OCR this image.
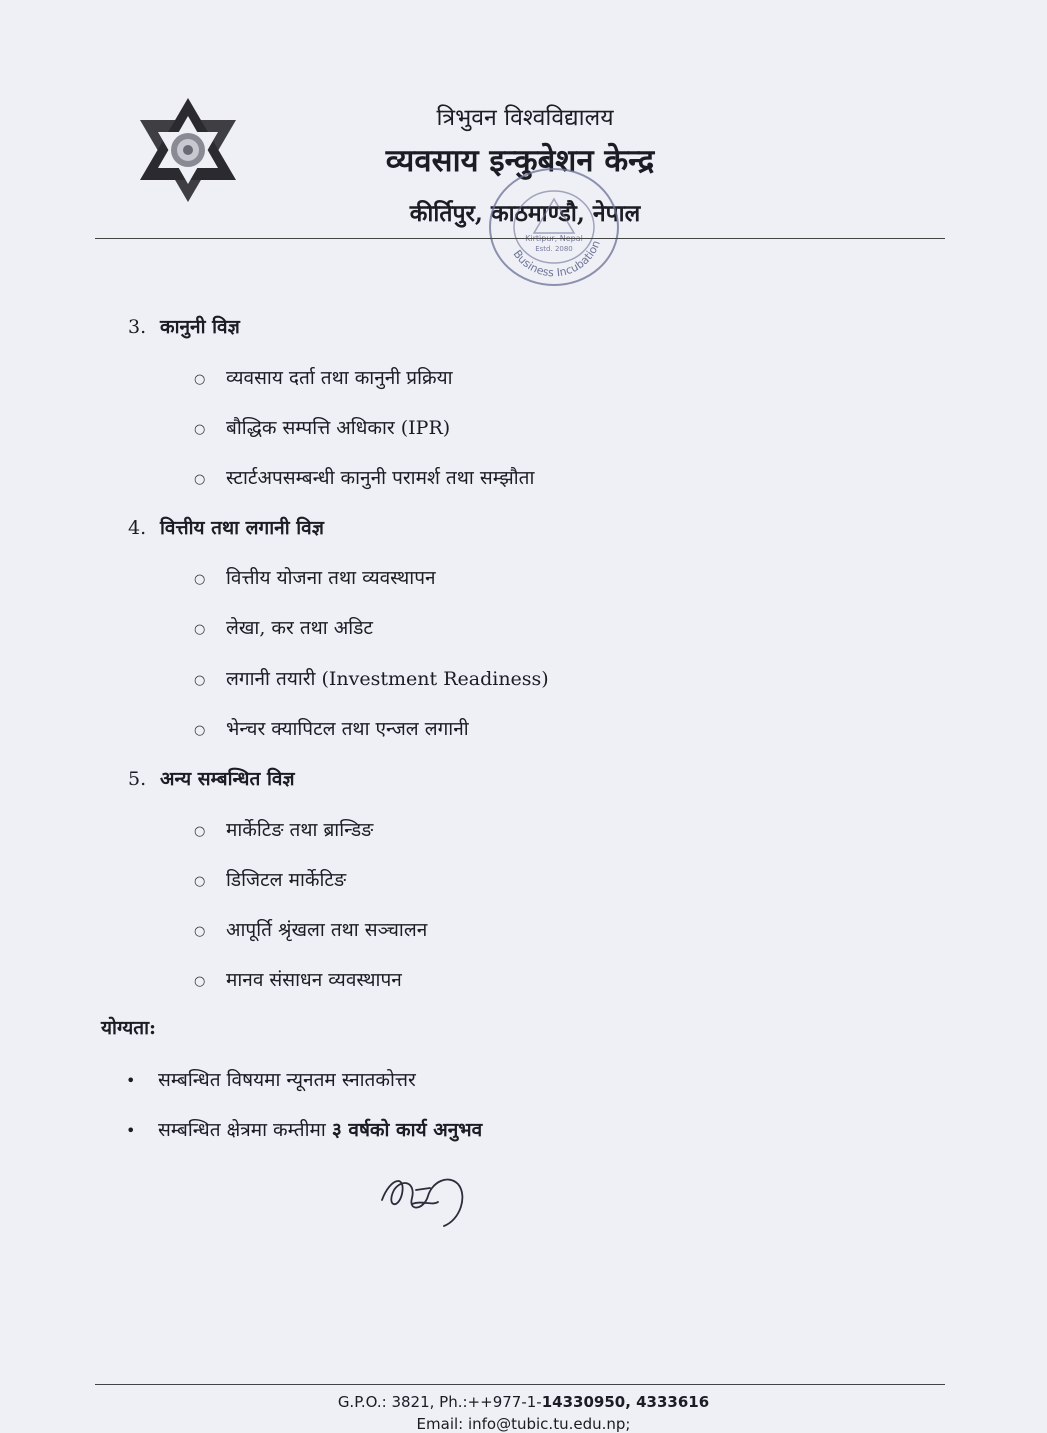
त्रिभुवन विश्वविद्यालय
व्यवसाय इन्कुबेशन केन्द्र
कीर्तिपुर, काठमाण्डौ, नेपाल
Business Incubation
Kirtipur, Nepal
Estd. 2080
3. कानुनी विज्ञ
○ व्यवसाय दर्ता तथा कानुनी प्रक्रिया
○ बौद्धिक सम्पत्ति अधिकार (IPR)
○ स्टार्टअपसम्बन्धी कानुनी परामर्श तथा सम्झौता
4. वित्तीय तथा लगानी विज्ञ
○ वित्तीय योजना तथा व्यवस्थापन
○ लेखा, कर तथा अडिट
○ लगानी तयारी (Investment Readiness)
○ भेन्चर क्यापिटल तथा एन्जल लगानी
5. अन्य सम्बन्धित विज्ञ
○ मार्केटिङ तथा ब्रान्डिङ
○ डिजिटल मार्केटिङ
○ आपूर्ति श्रृंखला तथा सञ्चालन
○ मानव संसाधन व्यवस्थापन
योग्यता:
• सम्बन्धित विषयमा न्यूनतम स्नातकोत्तर
• सम्बन्धित क्षेत्रमा कम्तीमा ३ वर्षको कार्य अनुभव
G.P.O.: 3821, Ph.:++977-1-14330950, 4333616
Email: info@tubic.tu.edu.np;
